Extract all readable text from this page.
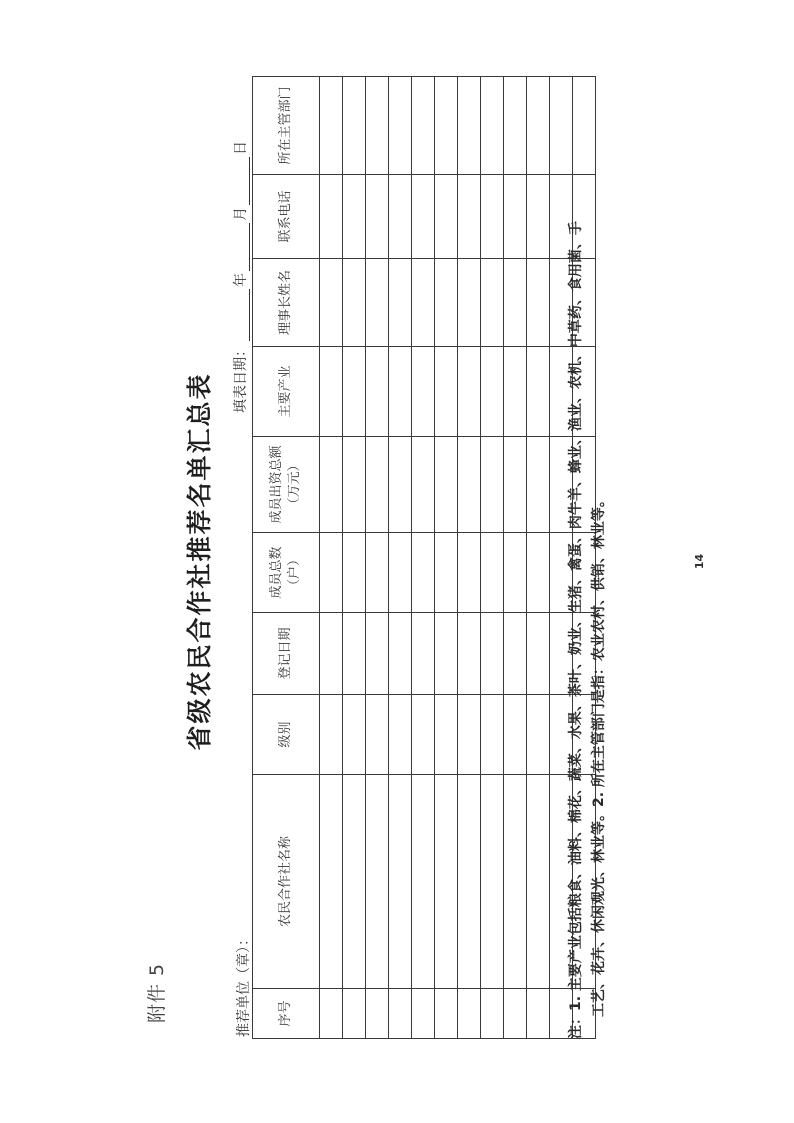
附件 5
省级农民合作社推荐名单汇总表
推荐单位（章）：
填表日期：
年
月
日
序号	农民合作社名称	级别	登记日期	成员总数（户）	成员出资总额（万元）	主要产业	理事长姓名	联系电话	所在主管部门

注：1. 主要产业包括粮食、油料、棉花、蔬菜、水果、茶叶、奶业、生猪、禽蛋、肉牛羊、蜂业、渔业、农机、中草药、食用菌、手 工艺、花卉、休闲观光、林业等。2. 所在主管部门是指：农业农村、供销、林业等。	14
